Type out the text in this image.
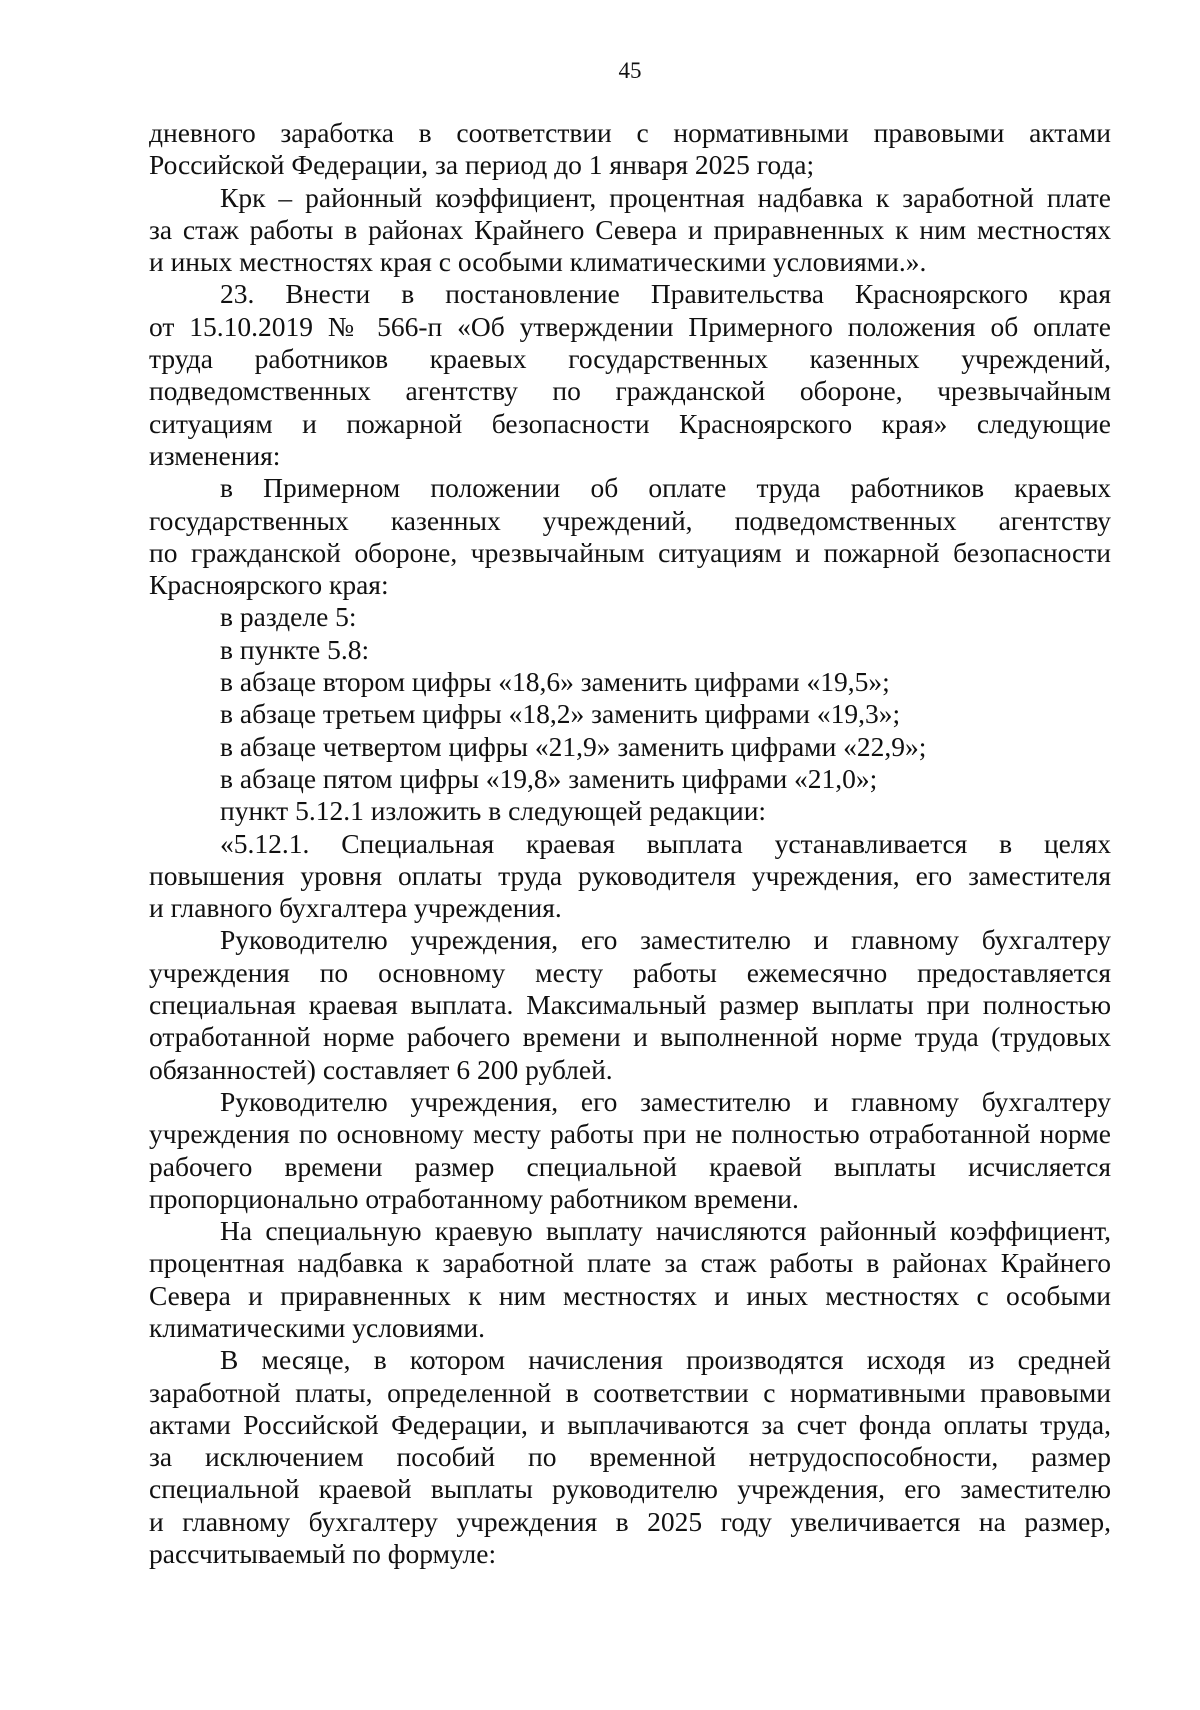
45
дневного заработка в соответствии с нормативными правовыми актами
Российской Федерации, за период до 1 января 2025 года;
Крк – районный коэффициент, процентная надбавка к заработной плате
за стаж работы в районах Крайнего Севера и приравненных к ним местностях
и иных местностях края с особыми климатическими условиями.».
23. Внести в постановление Правительства Красноярского края
от 15.10.2019 № 566-п «Об утверждении Примерного положения об оплате
труда работников краевых государственных казенных учреждений,
подведомственных агентству по гражданской обороне, чрезвычайным
ситуациям и пожарной безопасности Красноярского края» следующие
изменения:
в Примерном положении об оплате труда работников краевых
государственных казенных учреждений, подведомственных агентству
по гражданской обороне, чрезвычайным ситуациям и пожарной безопасности
Красноярского края:
в разделе 5:
в пункте 5.8:
в абзаце втором цифры «18,6» заменить цифрами «19,5»;
в абзаце третьем цифры «18,2» заменить цифрами «19,3»;
в абзаце четвертом цифры «21,9» заменить цифрами «22,9»;
в абзаце пятом цифры «19,8» заменить цифрами «21,0»;
пункт 5.12.1 изложить в следующей редакции:
«5.12.1. Специальная краевая выплата устанавливается в целях
повышения уровня оплаты труда руководителя учреждения, его заместителя
и главного бухгалтера учреждения.
Руководителю учреждения, его заместителю и главному бухгалтеру
учреждения по основному месту работы ежемесячно предоставляется
специальная краевая выплата. Максимальный размер выплаты при полностью
отработанной норме рабочего времени и выполненной норме труда (трудовых
обязанностей) составляет 6 200 рублей.
Руководителю учреждения, его заместителю и главному бухгалтеру
учреждения по основному месту работы при не полностью отработанной норме
рабочего времени размер специальной краевой выплаты исчисляется
пропорционально отработанному работником времени.
На специальную краевую выплату начисляются районный коэффициент,
процентная надбавка к заработной плате за стаж работы в районах Крайнего
Севера и приравненных к ним местностях и иных местностях с особыми
климатическими условиями.
В месяце, в котором начисления производятся исходя из средней
заработной платы, определенной в соответствии с нормативными правовыми
актами Российской Федерации, и выплачиваются за счет фонда оплаты труда,
за исключением пособий по временной нетрудоспособности, размер
специальной краевой выплаты руководителю учреждения, его заместителю
и главному бухгалтеру учреждения в 2025 году увеличивается на размер,
рассчитываемый по формуле:
